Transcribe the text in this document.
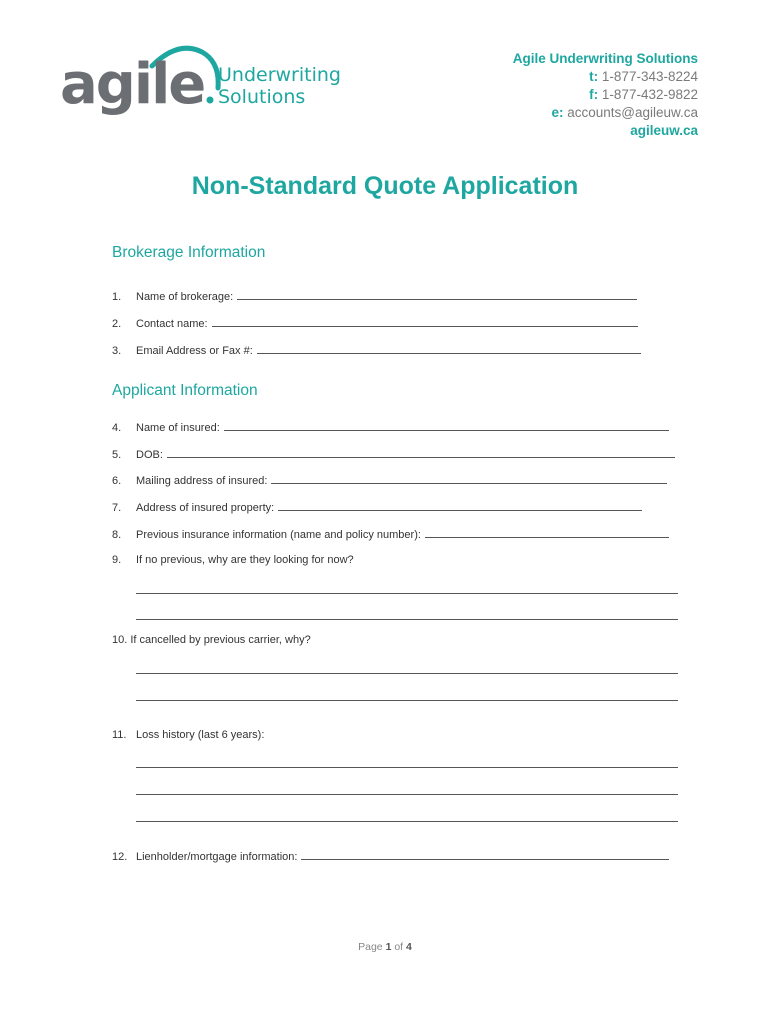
agile Underwriting
Solutions
Agile Underwriting Solutions
t: 1-877-343-8224
f: 1-877-432-9822
e: accounts@agileuw.ca
agileuw.ca
Non-Standard Quote Application
Brokerage Information
1. Name of brokerage:
2. Contact name:
3. Email Address or Fax #:
Applicant Information
4. Name of insured:
5. DOB:
6. Mailing address of insured:
7. Address of insured property:
8. Previous insurance information (name and policy number):
9. If no previous, why are they looking for now?
10. If cancelled by previous carrier, why?
11. Loss history (last 6 years):
12. Lienholder/mortgage information:
Page 1 of 4
